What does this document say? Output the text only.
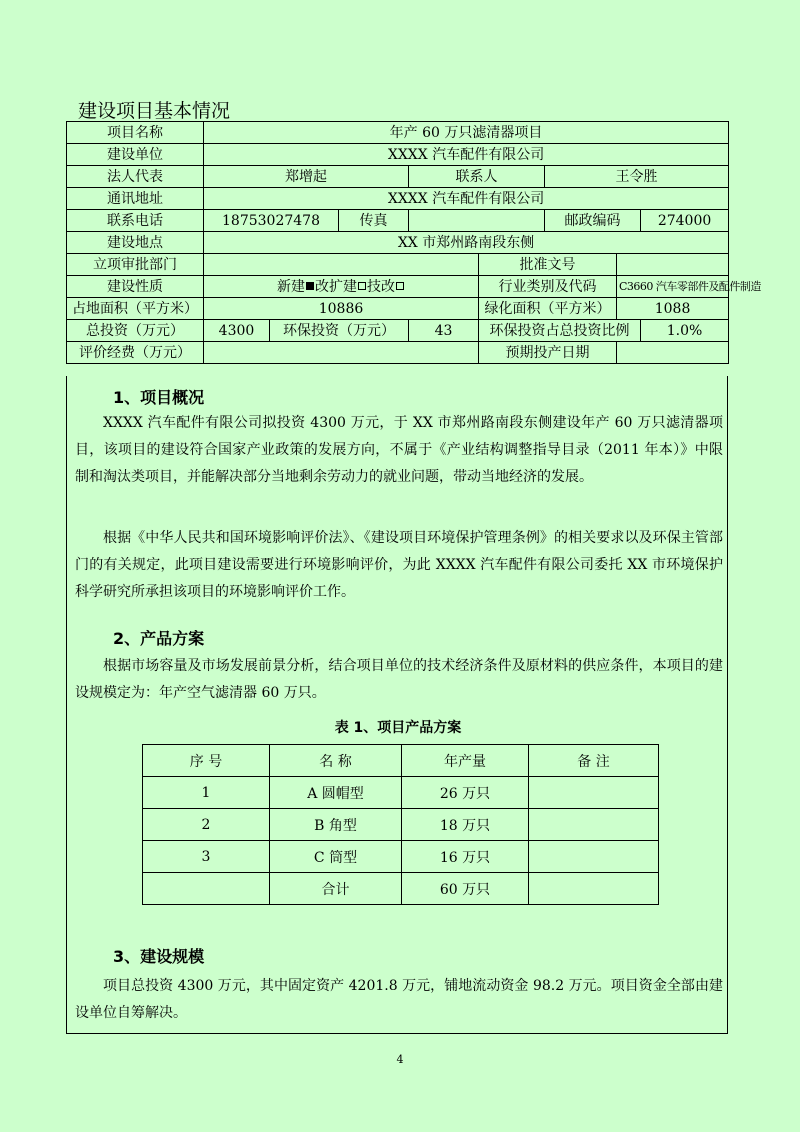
建设项目基本情况
项目名称	年产 60 万只滤清器项目							
建设单位	XXXX 汽车配件有限公司							
法人代表	郑增起			联系人		王令胜		
通讯地址	XXXX 汽车配件有限公司							
联系电话	18753027478		传真			邮政编码		274000
建设地点	XX 市郑州路南段东侧							
立项审批部门					批准文号			
建设性质	新建 改扩建 技改				行业类别及代码		C3660 汽车零部件及配件制造	
占地面积（平方米）	10886				绿化面积（平方米）		1088	
总投资（万元）	4300	环保投资（万元）		43	环保投资占总投资比例			1.0%
评价经费（万元）					预期投产日期			
1、项目概况

XXXX 汽车配件有限公司拟投资 4300 万元，于 XX 市郑州路南段东侧建设年产 60 万只滤清器项目，该项目的建设符合国家产业政策的发展方向，不属于《产业结构调整指导目录（2011 年本）》中限制和淘汰类项目，并能解决部分当地剩余劳动力的就业问题，带动当地经济的发展。

根据《中华人民共和国环境影响评价法》、《建设项目环境保护管理条例》的相关要求以及环保主管部门的有关规定，此项目建设需要进行环境影响评价，为此 XXXX 汽车配件有限公司委托 XX 市环境保护科学研究所承担该项目的环境影响评价工作。

2、产品方案

根据市场容量及市场发展前景分析，结合项目单位的技术经济条件及原材料的供应条件，本项目的建设规模定为：年产空气滤清器 60 万只。

表 1、项目产品方案
序 号	名 称	年产量	备 注
1	A 圆帽型	26 万只	
2	B 角型	18 万只	
3	C 筒型	16 万只	
	合计	60 万只	
3、建设规模

项目总投资 4300 万元，其中固定资产 4201.8 万元，铺地流动资金 98.2 万元。项目资金全部由建设单位自筹解决。

4
